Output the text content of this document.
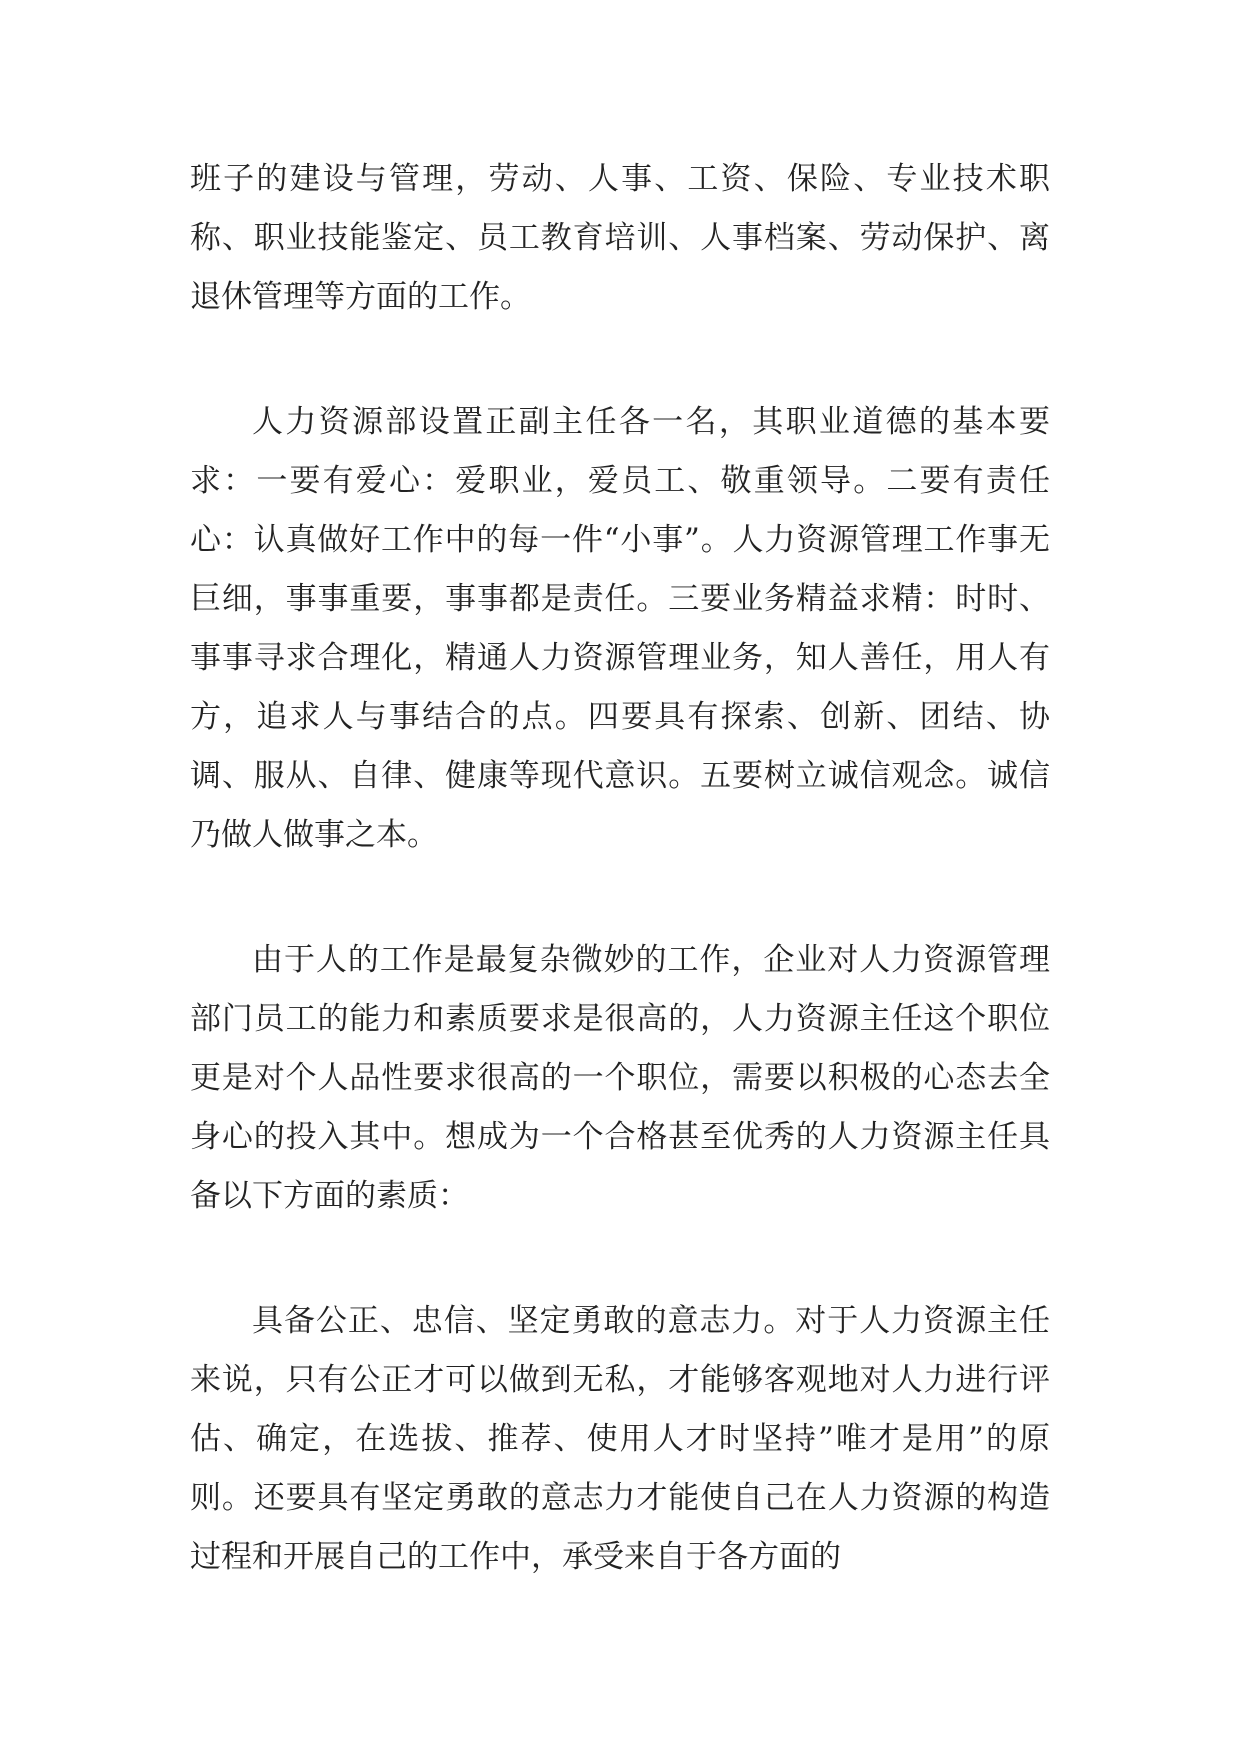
班子的建设与管理，劳动、人事、工资、保险、专业技术职称、职业技能鉴定、员工教育培训、人事档案、劳动保护、离退休管理等方面的工作。

人力资源部设置正副主任各一名，其职业道德的基本要求：一要有爱心：爱职业，爱员工、敬重领导。二要有责任心：认真做好工作中的每一件“小事”。人力资源管理工作事无巨细，事事重要，事事都是责任。三要业务精益求精：时时、事事寻求合理化，精通人力资源管理业务，知人善任，用人有方，追求人与事结合的点。四要具有探索、创新、团结、协调、服从、自律、健康等现代意识。五要树立诚信观念。诚信乃做人做事之本。

由于人的工作是最复杂微妙的工作，企业对人力资源管理部门员工的能力和素质要求是很高的，人力资源主任这个职位更是对个人品性要求很高的一个职位，需要以积极的心态去全身心的投入其中。想成为一个合格甚至优秀的人力资源主任具备以下方面的素质：

具备公正、忠信、坚定勇敢的意志力。对于人力资源主任来说，只有公正才可以做到无私，才能够客观地对人力进行评估、确定，在选拔、推荐、使用人才时坚持”唯才是用”的原则。还要具有坚定勇敢的意志力才能使自己在人力资源的构造过程和开展自己的工作中，承受来自于各方面的
